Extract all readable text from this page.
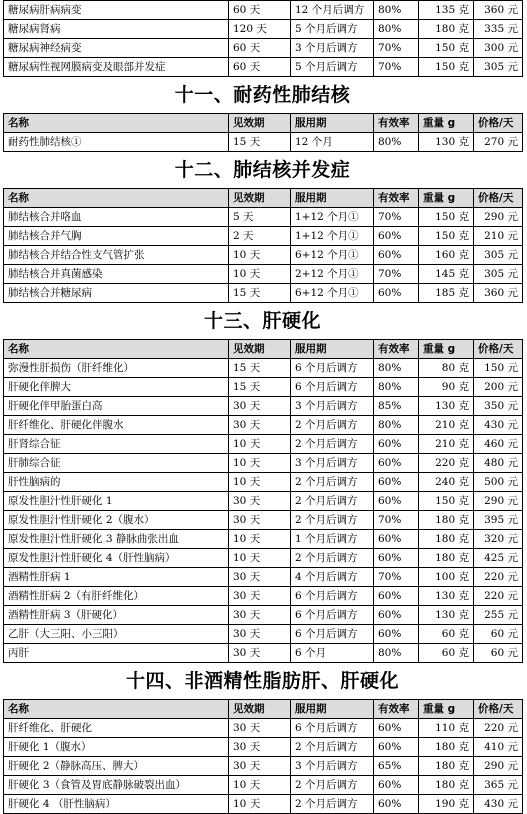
糖尿病肝病病变	60 天	12 个月后调方	80%	135 克	360 元
糖尿病肾病	120 天	5 个月后调方	80%	180 克	335 元
糖尿病神经病变	60 天	3 个月后调方	70%	150 克	300 元
糖尿病性视网膜病变及眼部并发症	60 天	5 个月后调方	70%	150 克	305 元
十一、耐药性肺结核
名称	见效期	服用期	有效率	重量 g	价格/天
耐药性肺结核①	15 天	12 个月	80%	130 克	270 元
十二、肺结核并发症
名称	见效期	服用期	有效率	重量 g	价格/天
肺结核合并咯血	5 天	1+12 个月①	70%	150 克	290 元
肺结核合并气胸	2 天	1+12 个月①	60%	150 克	210 元
肺结核合并结合性支气管扩张	10 天	6+12 个月①	60%	160 克	305 元
肺结核合并真菌感染	10 天	2+12 个月①	70%	145 克	305 元
肺结核合并糖尿病	15 天	6+12 个月①	60%	185 克	360 元
十三、肝硬化
名称	见效期	服用期	有效率	重量 g	价格/天
弥漫性肝损伤（肝纤维化）	15 天	6 个月后调方	80%	80 克	150 元
肝硬化伴脾大	15 天	6 个月后调方	80%	90 克	200 元
肝硬化伴甲胎蛋白高	30 天	3 个月后调方	85%	130 克	350 元
肝纤维化、肝硬化伴腹水	30 天	2 个月后调方	80%	210 克	430 元
肝肾综合征	10 天	2 个月后调方	60%	210 克	460 元
肝肺综合征	10 天	3 个月后调方	60%	220 克	480 元
肝性脑病的	10 天	2 个月后调方	60%	240 克	500 元
原发性胆汁性肝硬化 1	30 天	2 个月后调方	60%	150 克	290 元
原发性胆汁性肝硬化 2（腹水）	30 天	2 个月后调方	70%	180 克	395 元
原发性胆汁性肝硬化 3 静脉曲张出血	10 天	1 个月后调方	60%	180 克	320 元
原发性胆汁性肝硬化 4（肝性脑病）	10 天	2 个月后调方	60%	180 克	425 元
酒精性肝病 1	30 天	4 个月后调方	70%	100 克	220 元
酒精性肝病 2（有肝纤维化）	30 天	6 个月后调方	60%	130 克	220 元
酒精性肝病 3（肝硬化）	30 天	6 个月后调方	60%	130 克	255 元
乙肝（大三阳、小三阳）	30 天	6 个月后调方	60%	60 克	60 元
丙肝	30 天	6 个月	80%	60 克	60 元
十四、非酒精性脂肪肝、肝硬化
名称	见效期	服用期	有效率	重量 g	价格/天
肝纤维化、肝硬化	30 天	6 个月后调方	60%	110 克	220 元
肝硬化 1（腹水）	30 天	2 个月后调方	60%	180 克	410 元
肝硬化 2（静脉高压、脾大）	30 天	3 个月后调方	65%	180 克	290 元
肝硬化 3（食管及胃底静脉破裂出血）	10 天	2 个月后调方	60%	180 克	365 元
肝硬化 4 （肝性脑病）	10 天	2 个月后调方	60%	190 克	430 元
